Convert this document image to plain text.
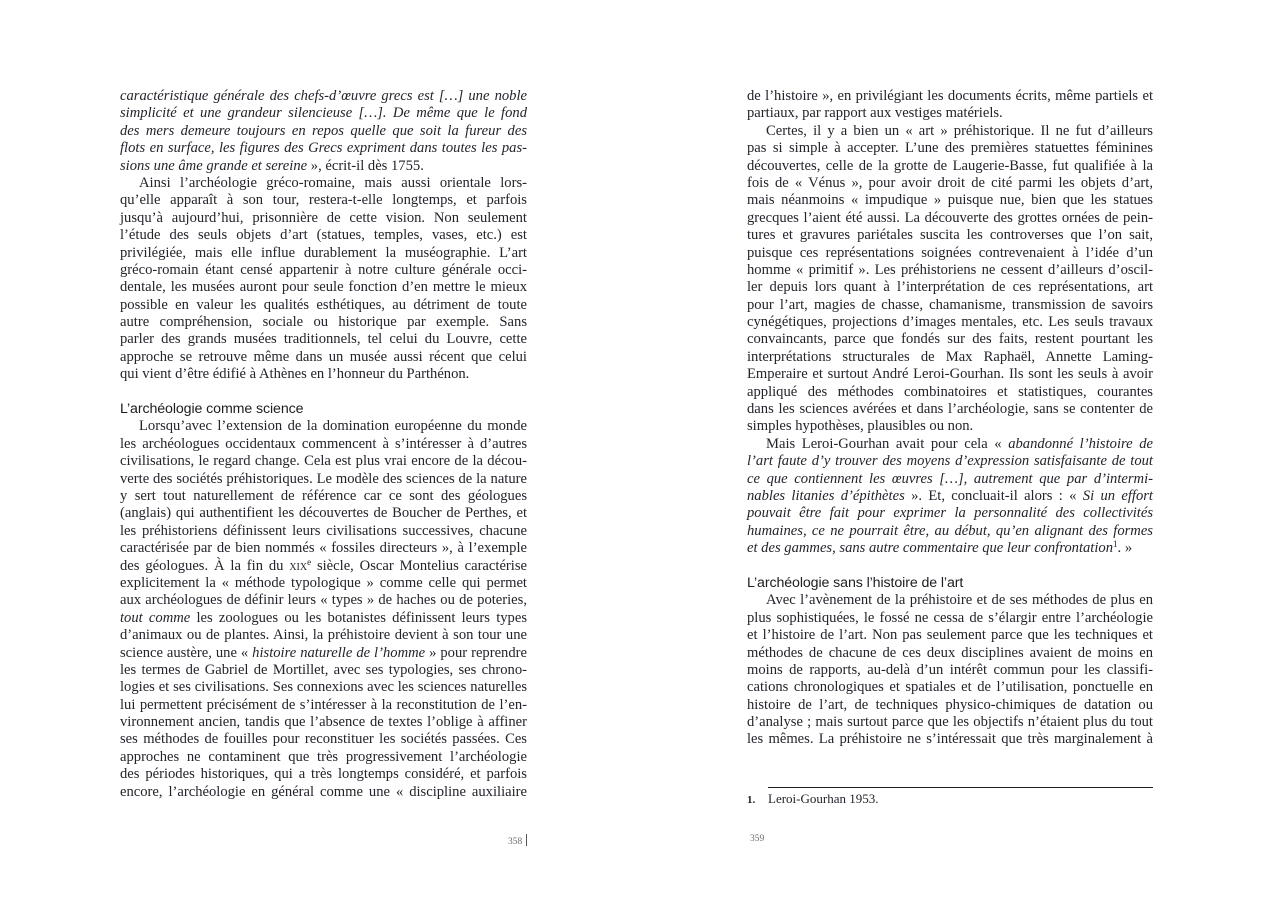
caractéristique générale des chefs-d’œuvre grecs est […] une noble
simplicité et une grandeur silencieuse […]. De même que le fond
des mers demeure toujours en repos quelle que soit la fureur des
flots en surface, les figures des Grecs expriment dans toutes les pas-
sions une âme grande et sereine », écrit-il dès 1755.
Ainsi l’archéologie gréco-romaine, mais aussi orientale lors-
qu’elle apparaît à son tour, restera-t-elle longtemps, et parfois
jusqu’à aujourd’hui, prisonnière de cette vision. Non seulement
l’étude des seuls objets d’art (statues, temples, vases, etc.) est
privilégiée, mais elle influe durablement la muséographie. L’art
gréco-romain étant censé appartenir à notre culture générale occi-
dentale, les musées auront pour seule fonction d’en mettre le mieux
possible en valeur les qualités esthétiques, au détriment de toute
autre compréhension, sociale ou historique par exemple. Sans
parler des grands musées traditionnels, tel celui du Louvre, cette
approche se retrouve même dans un musée aussi récent que celui
qui vient d’être édifié à Athènes en l’honneur du Parthénon.
L’archéologie comme science
Lorsqu’avec l’extension de la domination européenne du monde
les archéologues occidentaux commencent à s’intéresser à d’autres
civilisations, le regard change. Cela est plus vrai encore de la décou-
verte des sociétés préhistoriques. Le modèle des sciences de la nature
y sert tout naturellement de référence car ce sont des géologues
(anglais) qui authentifient les découvertes de Boucher de Perthes, et
les préhistoriens définissent leurs civilisations successives, chacune
caractérisée par de bien nommés « fossiles directeurs », à l’exemple
des géologues. À la fin du xix$^e$ siècle, Oscar Montelius caractérise
explicitement la « méthode typologique » comme celle qui permet
aux archéologues de définir leurs « types » de haches ou de poteries,
tout comme les zoologues ou les botanistes définissent leurs types
d’animaux ou de plantes. Ainsi, la préhistoire devient à son tour une
science austère, une « histoire naturelle de l’homme » pour reprendre
les termes de Gabriel de Mortillet, avec ses typologies, ses chrono-
logies et ses civilisations. Ses connexions avec les sciences naturelles
lui permettent précisément de s’intéresser à la reconstitution de l’en-
vironnement ancien, tandis que l’absence de textes l’oblige à affiner
ses méthodes de fouilles pour reconstituer les sociétés passées. Ces
approches ne contaminent que très progressivement l’archéologie
des périodes historiques, qui a très longtemps considéré, et parfois
encore, l’archéologie en général comme une « discipline auxiliaire
de l’histoire », en privilégiant les documents écrits, même partiels et
partiaux, par rapport aux vestiges matériels.
Certes, il y a bien un « art » préhistorique. Il ne fut d’ailleurs
pas si simple à accepter. L’une des premières statuettes féminines
découvertes, celle de la grotte de Laugerie-Basse, fut qualifiée à la
fois de « Vénus », pour avoir droit de cité parmi les objets d’art,
mais néanmoins « impudique » puisque nue, bien que les statues
grecques l’aient été aussi. La découverte des grottes ornées de pein-
tures et gravures pariétales suscita les controverses que l’on sait,
puisque ces représentations soignées contrevenaient à l’idée d’un
homme « primitif ». Les préhistoriens ne cessent d’ailleurs d’oscil-
ler depuis lors quant à l’interprétation de ces représentations, art
pour l’art, magies de chasse, chamanisme, transmission de savoirs
cynégétiques, projections d’images mentales, etc. Les seuls travaux
convaincants, parce que fondés sur des faits, restent pourtant les
interprétations structurales de Max Raphaël, Annette Laming-
Emperaire et surtout André Leroi-Gourhan. Ils sont les seuls à avoir
appliqué des méthodes combinatoires et statistiques, courantes
dans les sciences avérées et dans l’archéologie, sans se contenter de
simples hypothèses, plausibles ou non.
Mais Leroi-Gourhan avait pour cela « abandonné l’histoire de
l’art faute d’y trouver des moyens d’expression satisfaisante de tout
ce que contiennent les œuvres […], autrement que par d’intermi-
nables litanies d’épithètes ». Et, concluait-il alors : « Si un effort
pouvait être fait pour exprimer la personnalité des collectivités
humaines, ce ne pourrait être, au début, qu’en alignant des formes
et des gammes, sans autre commentaire que leur confrontation$^1$. »
L’archéologie sans l’histoire de l’art
Avec l’avènement de la préhistoire et de ses méthodes de plus en
plus sophistiquées, le fossé ne cessa de s’élargir entre l’archéologie
et l’histoire de l’art. Non pas seulement parce que les techniques et
méthodes de chacune de ces deux disciplines avaient de moins en
moins de rapports, au-delà d’un intérêt commun pour les classifi-
cations chronologiques et spatiales et de l’utilisation, ponctuelle en
histoire de l’art, de techniques physico-chimiques de datation ou
d’analyse ; mais surtout parce que les objectifs n’étaient plus du tout
les mêmes. La préhistoire ne s’intéressait que très marginalement à
1. Leroi-Gourhan 1953.
358	359
